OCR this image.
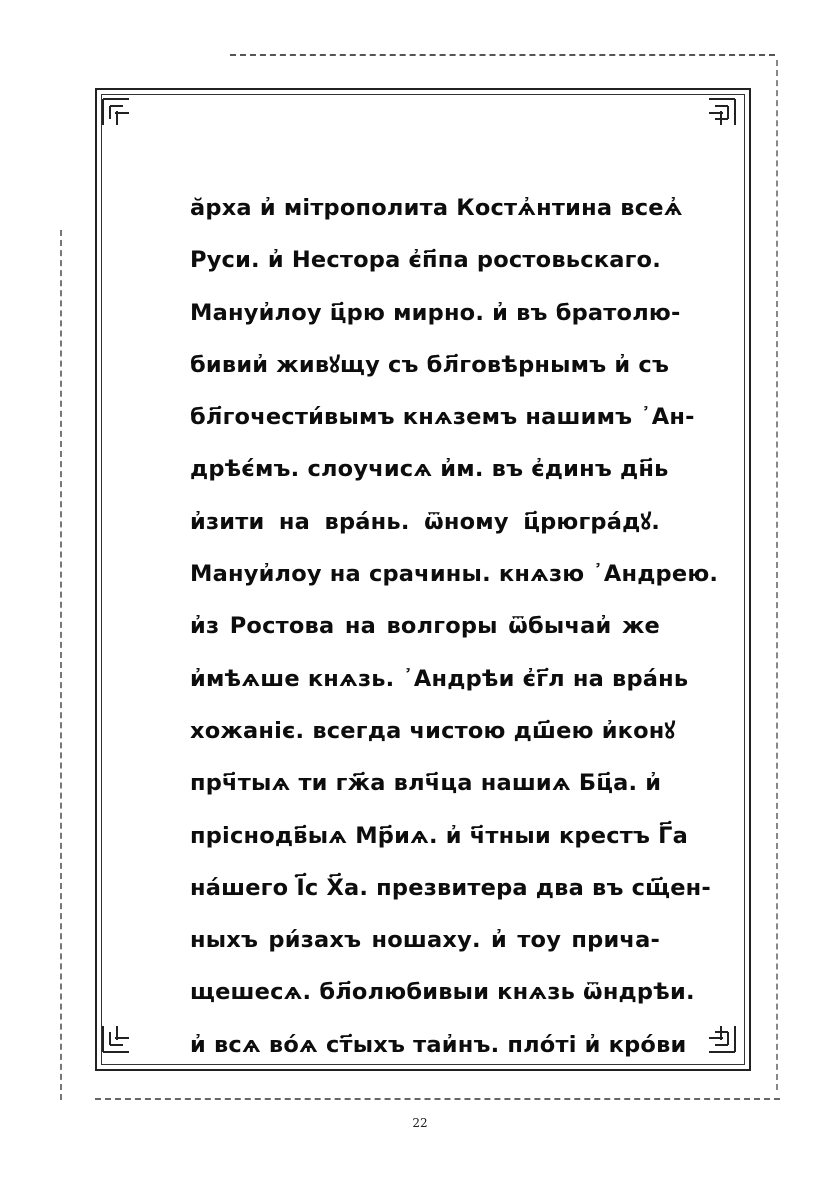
ӑрха и҆ мітрополита Костѧ҆нтина всеѧ҆
Руси. и҆ Нестора є҆п҃па ростовьскаго.
Мануи҆лоу ц҃рю мирно. и҆ въ братолю-
бивии҆ живꙋщу съ бл҃говѣрнымъ и҆ съ
бл҃гочести́вымъ кнѧземъ нашимъ ᾿Ан-
дрѣє́мъ. слоучисѧ и҆м. въ є҆динъ дн҃ь
и҆зити на вра́нь. ѿному ц҃рюгра́дꙋ.
Мануи҆лоу на срачины. кнѧзю ᾿Андрею.
и҆з Ростова на волгоры ѿбычаи҆ же
и҆мѣѧше кнѧзь. ᾿Андрѣи є҆г҃л на вра́нь
хожаніє. всегда чистою дш҃ею и҆конꙋ
прч҃тыѧ ти гж҃а влч҃ца нашиѧ Бц҃а. и҆
пріснодв҃ыѧ Мр҃иѧ. и҆ ч҃тныи крестъ Г҃а
на́шего І҃с Х҃а. презвитера два въ сщ҃ен-
ныхъ ри́захъ ношаху. и҆ тоу прича-
щешесѧ. бл҃олюбивыи кнѧзь ѿндрѣи.
и҆ всѧ во́ѧ ст҃ыхъ таи҆нъ. пло́ті и҆ кро́ви
22
